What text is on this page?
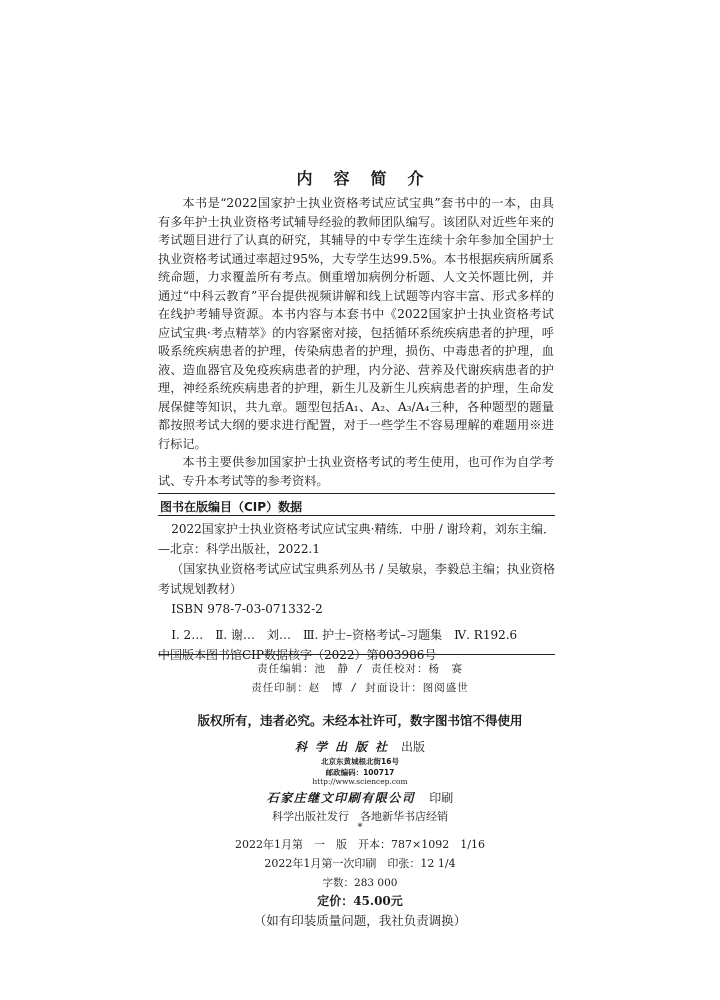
内容简介

本书是“2022国家护士执业资格考试应试宝典”套书中的一本，由具有多年护士执业资格考试辅导经验的教师团队编写。该团队对近些年来的考试题目进行了认真的研究，其辅导的中专学生连续十余年参加全国护士执业资格考试通过率超过95%，大专学生达99.5%。本书根据疾病所属系统命题，力求覆盖所有考点。侧重增加病例分析题、人文关怀题比例，并通过“中科云教育”平台提供视频讲解和线上试题等内容丰富、形式多样的在线护考辅导资源。本书内容与本套书中《2022国家护士执业资格考试应试宝典·考点精萃》的内容紧密对接，包括循环系统疾病患者的护理，呼吸系统疾病患者的护理，传染病患者的护理，损伤、中毒患者的护理，血液、造血器官及免疫疾病患者的护理，内分泌、营养及代谢疾病患者的护理，神经系统疾病患者的护理，新生儿及新生儿疾病患者的护理，生命发展保健等知识，共九章。题型包括A₁、A₂、A₃/A₄三种，各种题型的题量都按照考试大纲的要求进行配置，对于一些学生不容易理解的难题用※进行标记。

本书主要供参加国家护士执业资格考试的考生使用，也可作为自学考试、专升本考试等的参考资料。

图书在版编目（CIP）数据

2022国家护士执业资格考试应试宝典·精练．中册 / 谢玲莉，刘东主编．—北京：科学出版社，2022.1

（国家执业资格考试应试宝典系列丛书 / 吴敏泉，李毅总主编；执业资格考试规划教材）

ISBN 978-7-03-071332-2

Ⅰ. 2…　Ⅱ. 谢…　刘…　Ⅲ. 护士–资格考试–习题集　Ⅳ. R192.6

中国版本图书馆CIP数据核字（2022）第003986号

责任编辑：池　静 / 责任校对：杨　赛
责任印制：赵　博 / 封面设计：图阅盛世
版权所有，违者必究。未经本社许可，数字图书馆不得使用
科学出版社 出版
北京东黄城根北街16号
邮政编码：100717
http://www.sciencep.com
石家庄继文印刷有限公司 印刷
科学出版社发行　各地新华书店经销
*
2022年1月第　一　版　开本：787×1092　1/16
2022年1月第一次印刷　印张：12 1/4
字数：283 000
定价：45.00元
（如有印装质量问题，我社负责调换）
